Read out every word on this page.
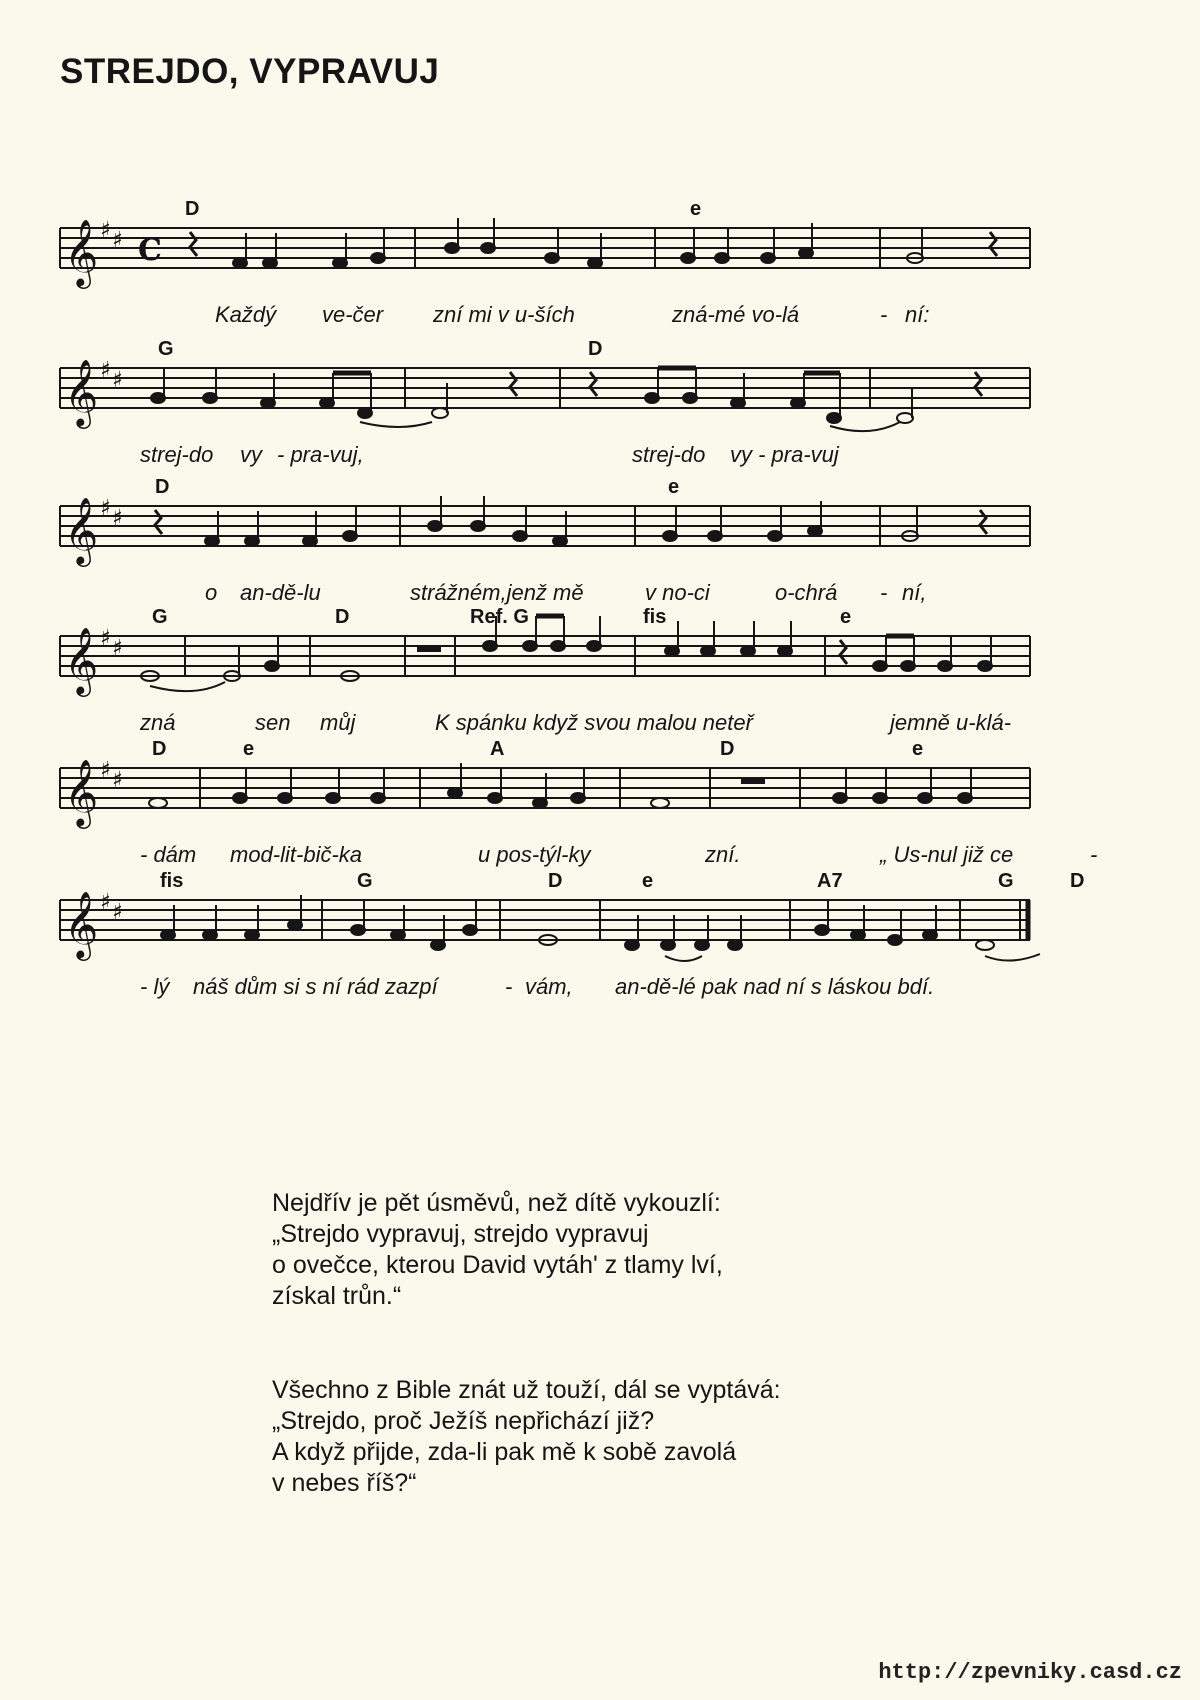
STREJDO, VYPRAVUJ
𝄞 ♯ ♯ C
D	e
Každý ve-čer zní mi v u-ších	zná-mé vo-lá	- ní:
𝄞 ♯ ♯
G	D
strej-do vy - pra-vuj,	strej-do vy - pra-vuj
𝄞 ♯ ♯
D	e
o an-dě-lu	strážném,jenž mě	v no-ci	o-chrá - ní,
𝄞 ♯ ♯
G	D	Ref. G	fis	e
zná	sen můj	K spánku když svou malou neteř	jemně u-klá-
𝄞 ♯ ♯
D	e	A	D	e
- dám mod-lit-bič-ka	u pos-týl-ky	zní.	„ Us-nul již ce	-
𝄞 ♯ ♯
fis	G	D	e	A7	G	D
- lý náš dům si s ní rád zazpí	- vám, an-dě-lé pak nad ní s láskou bdí.
Nejdřív je pět úsměvů, než dítě vykouzlí:
„Strejdo vypravuj, strejdo vypravuj
o ovečce, kterou David vytáh' z tlamy lví,
získal trůn.“
Všechno z Bible znát už touží, dál se vyptává:
„Strejdo, proč Ježíš nepřichází již?
A když přijde, zda-li pak mě k sobě zavolá
v nebes říš?“
http://zpevniky.casd.cz
